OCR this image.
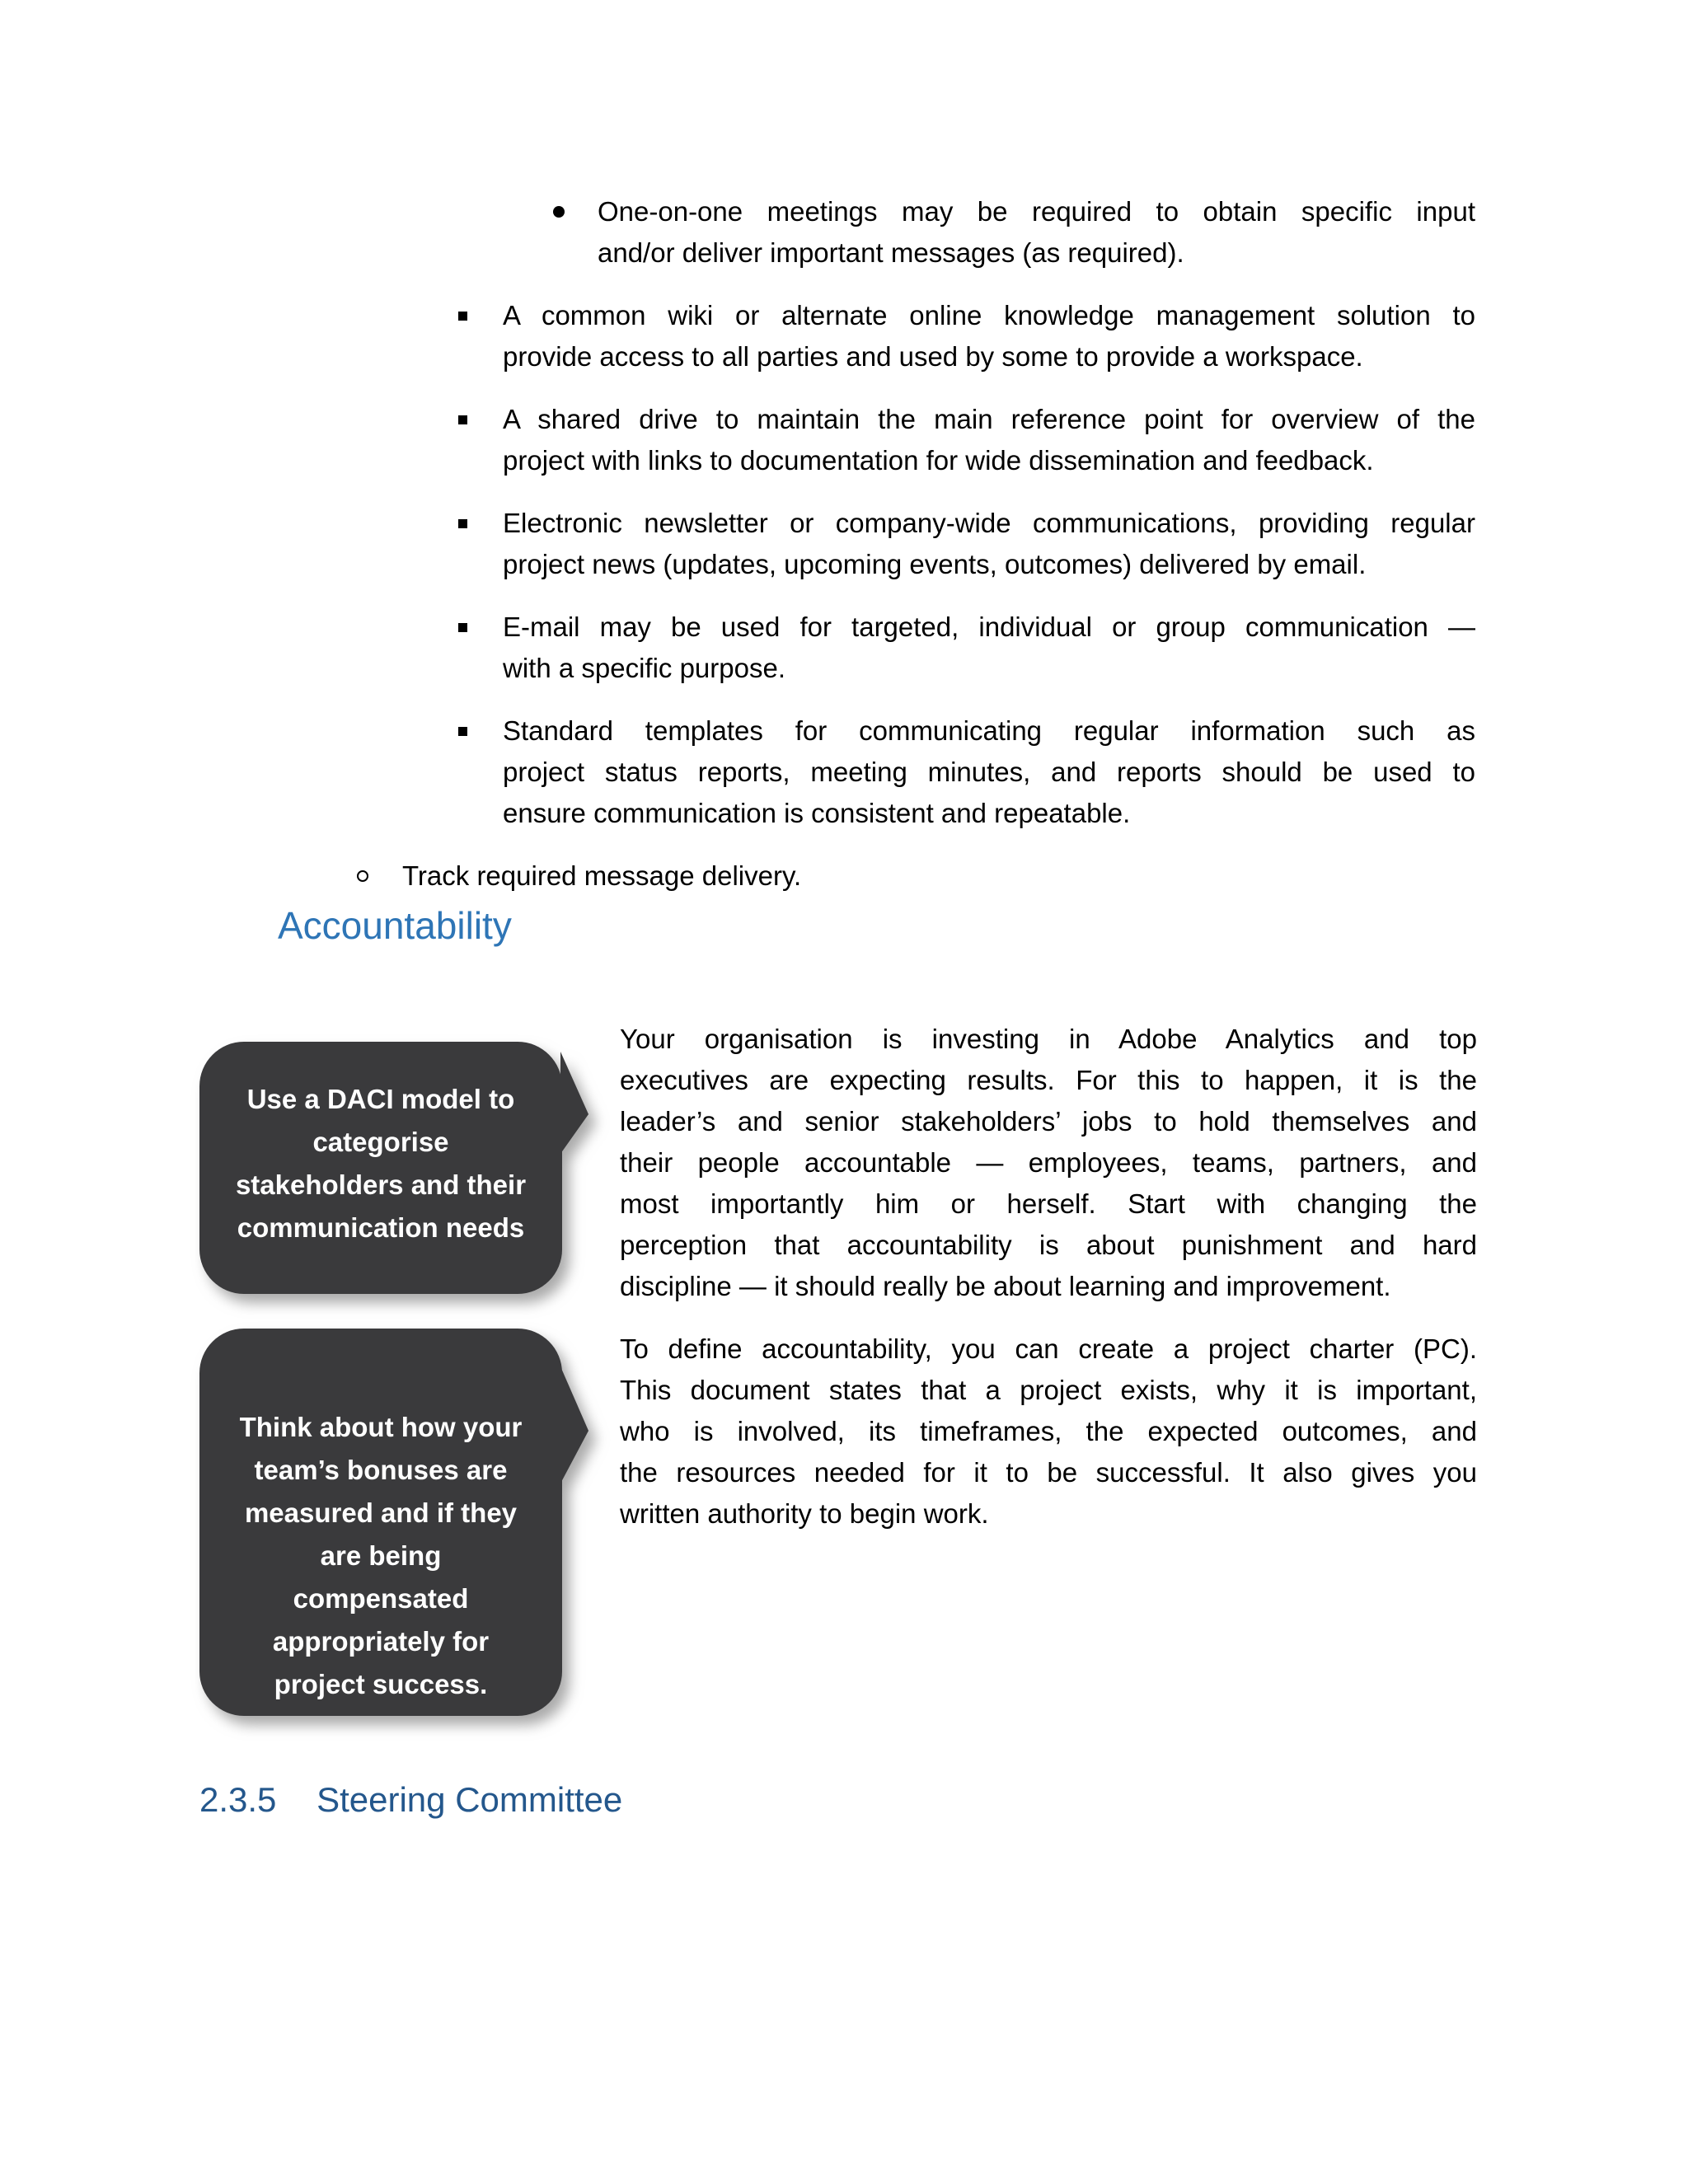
One-on-one meetings may be required to obtain specific input
and/or deliver important messages (as required).
A common wiki or alternate online knowledge management solution to
provide access to all parties and used by some to provide a workspace.
A shared drive to maintain the main reference point for overview of the
project with links to documentation for wide dissemination and feedback.
Electronic newsletter or company-wide communications, providing regular
project news (updates, upcoming events, outcomes) delivered by email.
E-mail may be used for targeted, individual or group communication —
with a specific purpose.
Standard templates for communicating regular information such as
project status reports, meeting minutes, and reports should be used to
ensure communication is consistent and repeatable.
Track required message delivery.
Accountability
Your organisation is investing in Adobe Analytics and top
executives are expecting results. For this to happen, it is the
leader’s and senior stakeholders’ jobs to hold themselves and
their people accountable — employees, teams, partners, and
most importantly him or herself. Start with changing the
perception that accountability is about punishment and hard
discipline — it should really be about learning and improvement.
To define accountability, you can create a project charter (PC).
This document states that a project exists, why it is important,
who is involved, its timeframes, the expected outcomes, and
the resources needed for it to be successful. It also gives you
written authority to begin work.
Use a DACI model to
categorise
stakeholders and their
communication needs
Think about how your
team’s bonuses are
measured and if they
are being
compensated
appropriately for
project success.
2.3.5 Steering Committee
